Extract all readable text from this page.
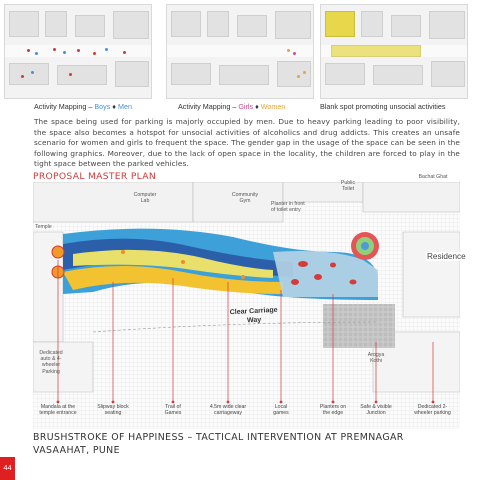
Activity Mapping – Boys ♦ Men	Activity Mapping – Girls ♦ Women	Blank spot promoting unsocial activities
The space being used for parking is majorly occupied by men. Due to heavy parking leading to poor visibility, the space also becomes a hotspot for unsocial activities of alcoholics and drug addicts. This creates an unsafe scenario for women and girls to frequent the space. The gender gap in the usage of the space can be seen in the following graphics. Moreover, due to the lack of open space in the locality, the children are forced to play in the tight space between the parked vehicles.
PROPOSAL MASTER PLAN
Computer
Lab
Community
Gym
Public
Toilet
Bachat Ghat
Planter in front
of toilet entry
Temple
Residence
Clear Carriage
Way
Dedicated
auto & 4-
wheeler
Parking
Arogya
Kothi
Mandala at the
temple entrance
Slipway block
seating
Trail of
Games
4.5m wide clear
carriageway
Local
games
Planters on
the edge
Safe & visible
Junction
Dedicated 2-
wheeler parking
BRUSHSTROKE OF HAPPINESS – TACTICAL INTERVENTION AT PREMNAGAR VASAAHAT, PUNE
44
